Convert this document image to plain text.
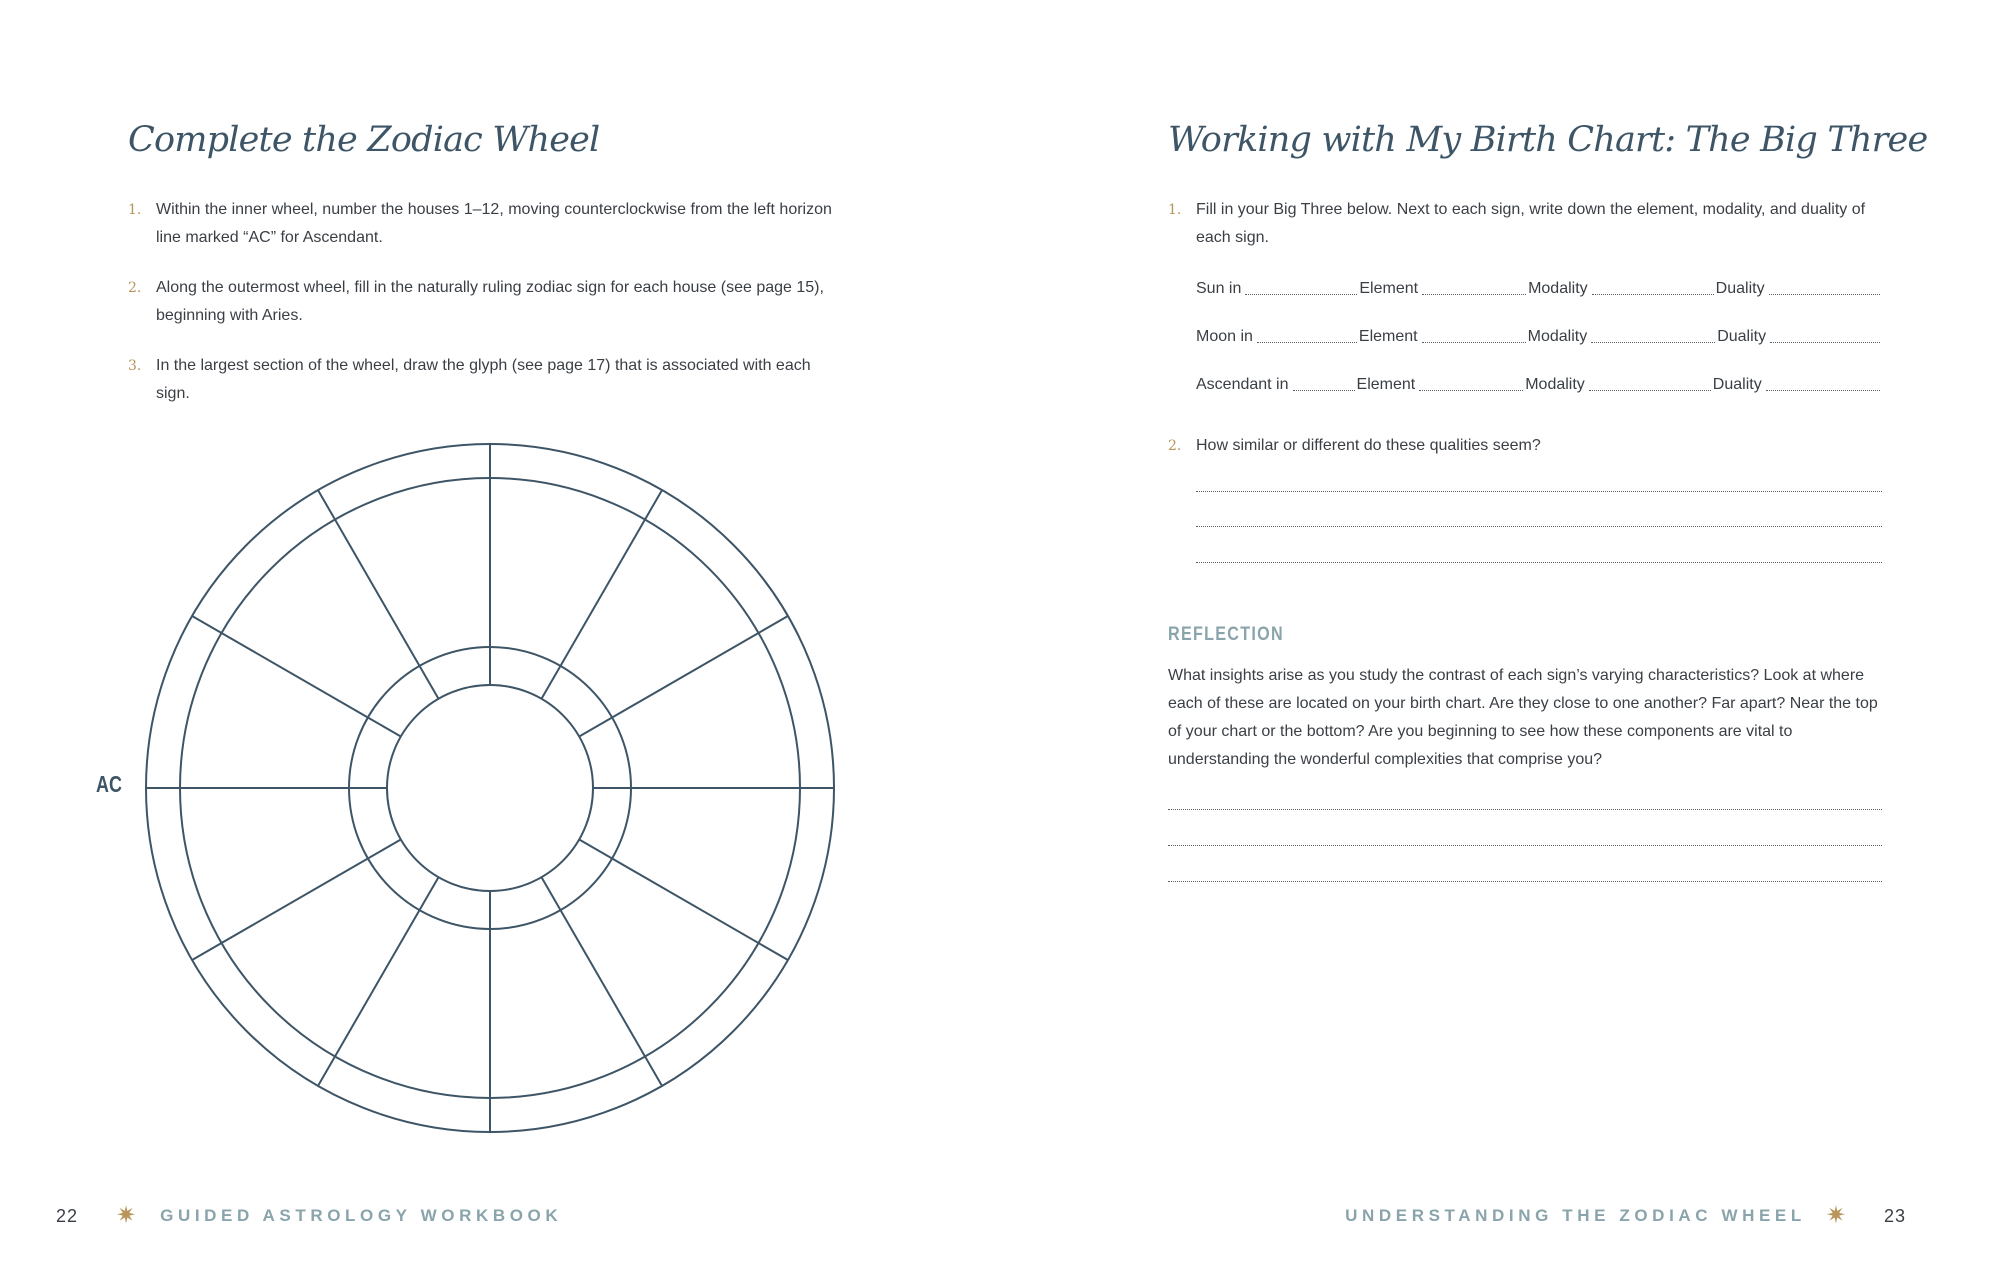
Complete the Zodiac Wheel
1. Within the inner wheel, number the houses 1–12, moving counterclockwise from the left horizon line marked “AC” for Ascendant.
2. Along the outermost wheel, fill in the naturally ruling zodiac sign for each house (see page 15), beginning with Aries.
3. In the largest section of the wheel, draw the glyph (see page 17) that is associated with each sign.
AC
22 ✷ GUIDED ASTROLOGY WORKBOOK
Working with My Birth Chart: The Big Three
1. Fill in your Big Three below. Next to each sign, write down the element, modality, and duality of each sign.
Sun in	Element	Modality	Duality
Moon in	Element	Modality	Duality
Ascendant in	Element	Modality	Duality
2. How similar or different do these qualities seem?
REFLECTION

What insights arise as you study the contrast of each sign’s varying characteristics? Look at where each of these are located on your birth chart. Are they close to one another? Far apart? Near the top of your chart or the bottom? Are you beginning to see how these components are vital to understanding the wonderful complexities that comprise you?

UNDERSTANDING THE ZODIAC WHEEL ✷ 23
